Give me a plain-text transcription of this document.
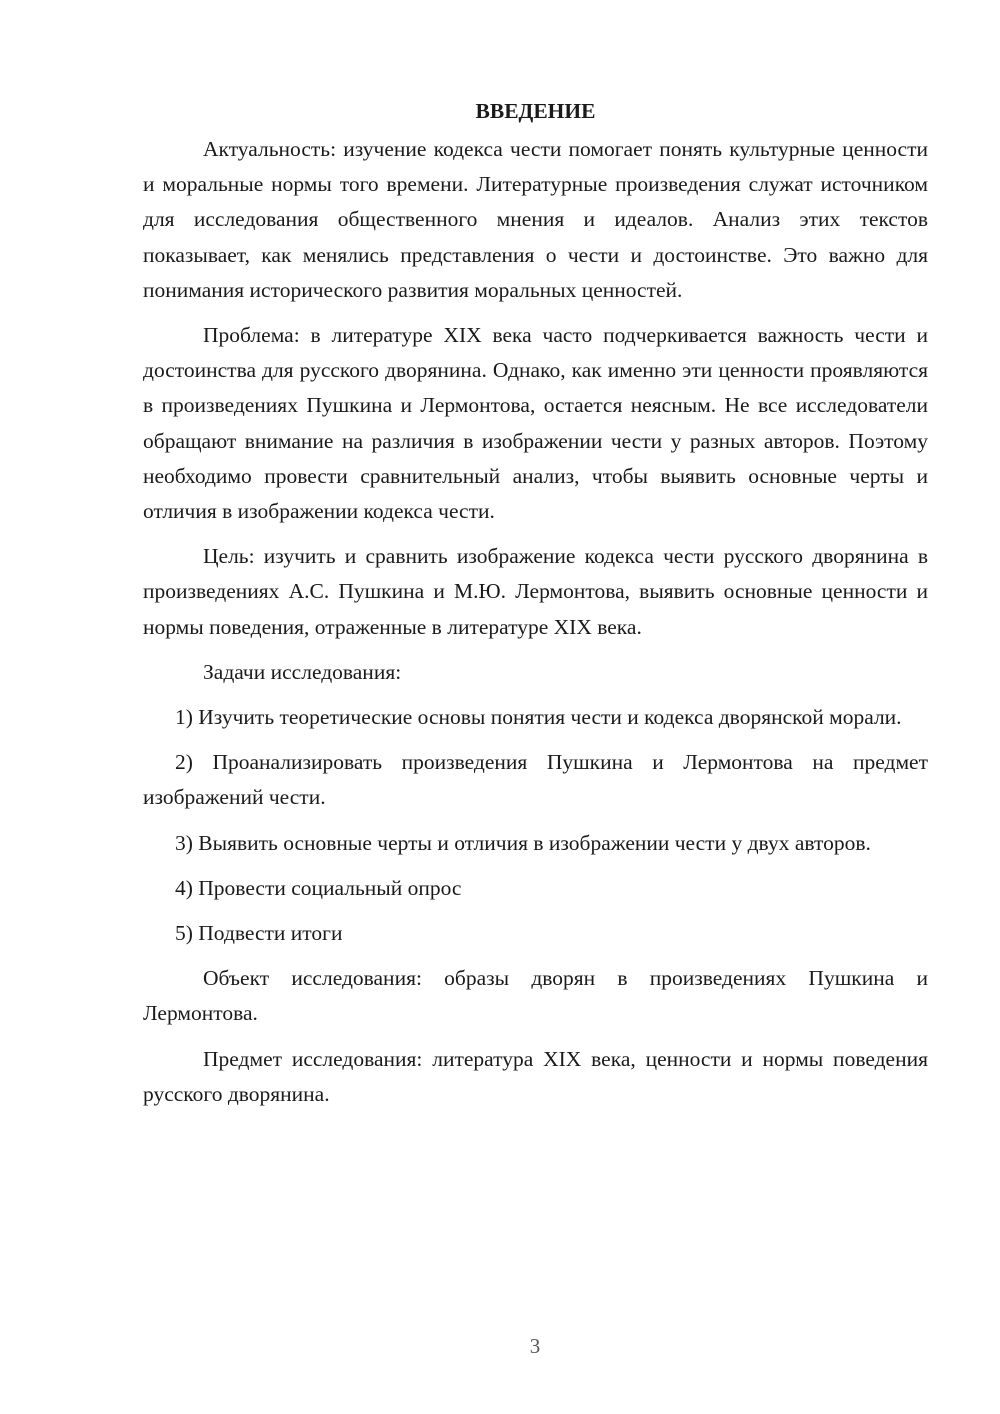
ВВЕДЕНИЕ

Актуальность: изучение кодекса чести помогает понять культурные ценности и моральные нормы того времени. Литературные произведения служат источником для исследования общественного мнения и идеалов. Анализ этих текстов показывает, как менялись представления о чести и достоинстве. Это важно для понимания исторического развития моральных ценностей.

Проблема: в литературе XIX века часто подчеркивается важность чести и достоинства для русского дворянина. Однако, как именно эти ценности проявляются в произведениях Пушкина и Лермонтова, остается неясным. Не все исследователи обращают внимание на различия в изображении чести у разных авторов. Поэтому необходимо провести сравнительный анализ, чтобы выявить основные черты и отличия в изображении кодекса чести.

Цель: изучить и сравнить изображение кодекса чести русского дворянина в произведениях А.С. Пушкина и М.Ю. Лермонтова, выявить основные ценности и нормы поведения, отраженные в литературе XIX века.

Задачи исследования:

1) Изучить теоретические основы понятия чести и кодекса дворянской морали.

2) Проанализировать произведения Пушкина и Лермонтова на предмет изображений чести.

3) Выявить основные черты и отличия в изображении чести у двух авторов.

4) Провести социальный опрос

5) Подвести итоги

Объект исследования: образы дворян в произведениях Пушкина и Лермонтова.

Предмет исследования: литература XIX века, ценности и нормы поведения русского дворянина.

3
